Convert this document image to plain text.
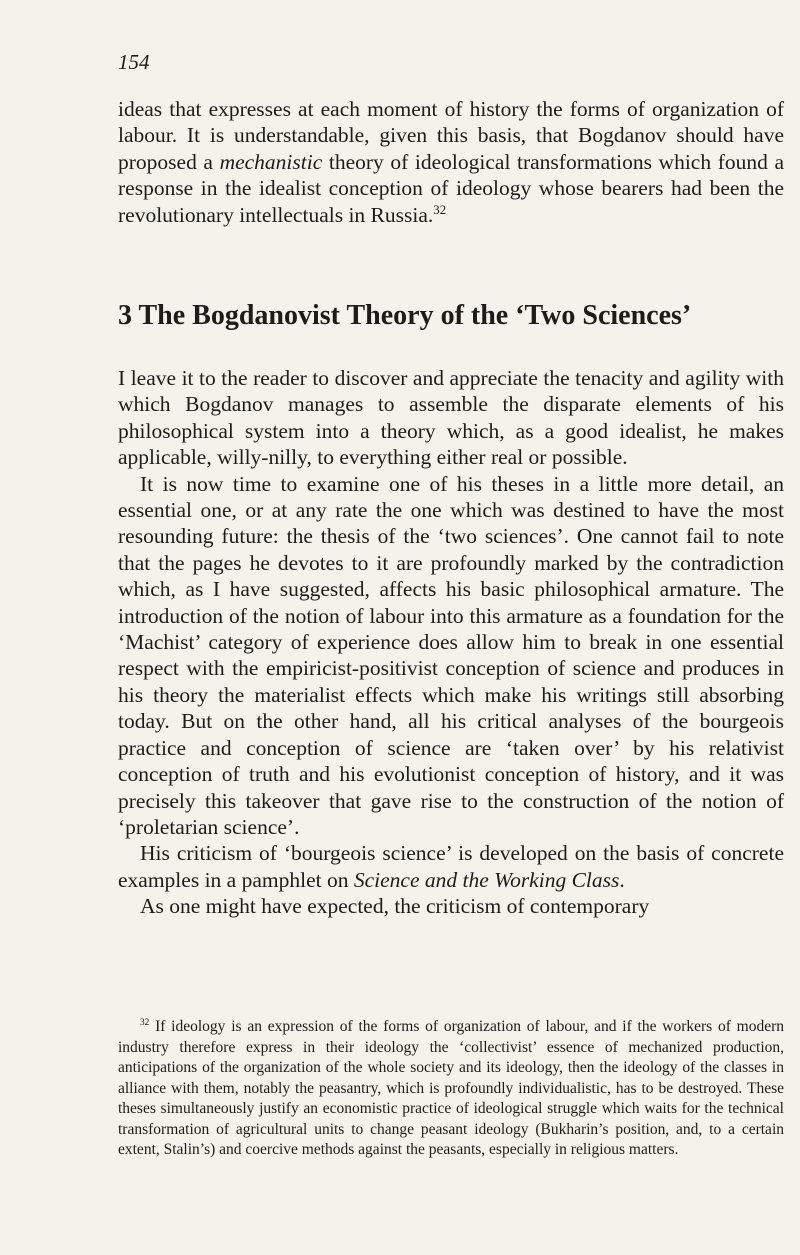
154

ideas that expresses at each moment of history the forms of organization of labour. It is understandable, given this basis, that Bogdanov should have proposed a mechanistic theory of ideological transformations which found a response in the idealist conception of ideology whose bearers had been the revolutionary intellectuals in Russia.$^{32}$

3 The Bogdanovist Theory of the ‘Two Sciences’

I leave it to the reader to discover and appreciate the tenacity and agility with which Bogdanov manages to assemble the disparate elements of his philosophical system into a theory which, as a good idealist, he makes applicable, willy-nilly, to everything either real or possible.

It is now time to examine one of his theses in a little more detail, an essential one, or at any rate the one which was destined to have the most resounding future: the thesis of the ‘two sciences’. One cannot fail to note that the pages he devotes to it are profoundly marked by the contradiction which, as I have suggested, affects his basic philosophical armature. The introduction of the notion of labour into this armature as a foundation for the ‘Machist’ category of experience does allow him to break in one essential respect with the empiricist-positivist conception of science and produces in his theory the materialist effects which make his writings still absorbing today. But on the other hand, all his critical analyses of the bourgeois practice and conception of science are ‘taken over’ by his relativist conception of truth and his evolutionist conception of history, and it was precisely this takeover that gave rise to the construction of the notion of ‘proletarian science’.

His criticism of ‘bourgeois science’ is developed on the basis of concrete examples in a pamphlet on Science and the Working Class.

As one might have expected, the criticism of contemporary

$^{32}$ If ideology is an expression of the forms of organization of labour, and if the workers of modern industry therefore express in their ideology the ‘collectivist’ essence of mechanized production, anticipations of the organization of the whole society and its ideology, then the ideology of the classes in alliance with them, notably the peasantry, which is profoundly individualistic, has to be destroyed. These theses simultaneously justify an economistic practice of ideological struggle which waits for the technical transformation of agricultural units to change peasant ideology (Bukharin’s position, and, to a certain extent, Stalin’s) and coercive methods against the peasants, especially in religious matters.
